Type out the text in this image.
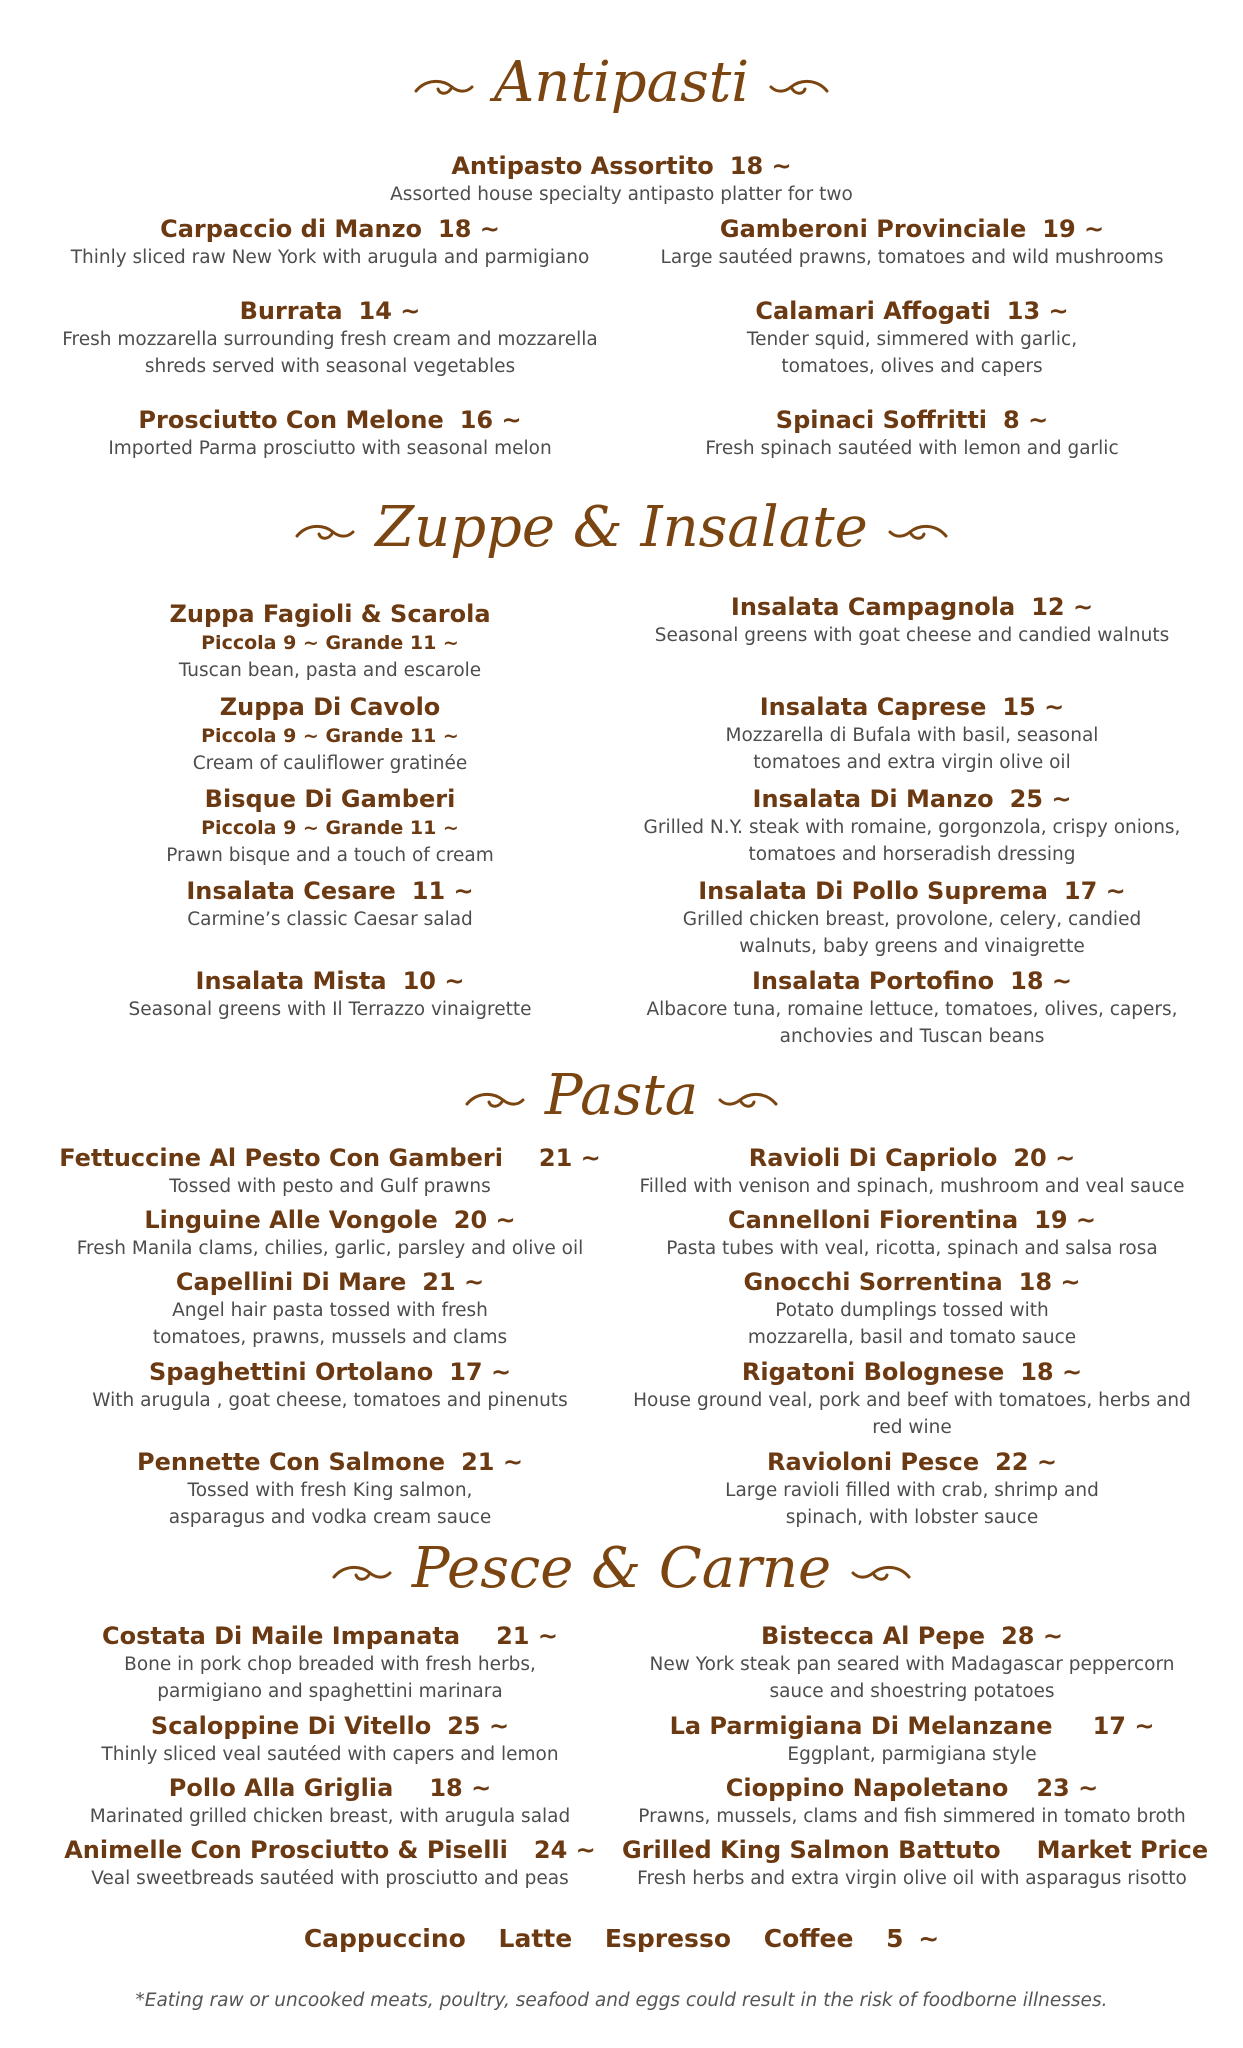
Antipasti
Antipasto Assortito 18 ~
Assorted house specialty antipasto platter for two
Carpaccio di Manzo 18 ~
Thinly sliced raw New York with arugula and parmigiano
Gamberoni Provinciale 19 ~
Large sautéed prawns, tomatoes and wild mushrooms
Burrata 14 ~
Fresh mozzarella surrounding fresh cream and mozzarella shreds served with seasonal vegetables
Calamari Affogati 13 ~
Tender squid, simmered with garlic, tomatoes, olives and capers
Prosciutto Con Melone 16 ~
Imported Parma prosciutto with seasonal melon
Spinaci Soffritti 8 ~
Fresh spinach sautéed with lemon and garlic
Zuppe & Insalate
Zuppa Fagioli & Scarola
Piccola 9 ~ Grande 11 ~
Tuscan bean, pasta and escarole
Insalata Campagnola 12 ~
Seasonal greens with goat cheese and candied walnuts
Zuppa Di Cavolo
Piccola 9 ~ Grande 11 ~
Cream of cauliflower gratinée
Insalata Caprese 15 ~
Mozzarella di Bufala with basil, seasonal tomatoes and extra virgin olive oil
Bisque Di Gamberi
Piccola 9 ~ Grande 11 ~
Prawn bisque and a touch of cream
Insalata Di Manzo 25 ~
Grilled N.Y. steak with romaine, gorgonzola, crispy onions, tomatoes and horseradish dressing
Insalata Cesare 11 ~
Carmine’s classic Caesar salad
Insalata Di Pollo Suprema 17 ~
Grilled chicken breast, provolone, celery, candied walnuts, baby greens and vinaigrette
Insalata Mista 10 ~
Seasonal greens with Il Terrazzo vinaigrette
Insalata Portofino 18 ~
Albacore tuna, romaine lettuce, tomatoes, olives, capers, anchovies and Tuscan beans
Pasta
Fettuccine Al Pesto Con Gamberi 21 ~
Tossed with pesto and Gulf prawns
Ravioli Di Capriolo 20 ~
Filled with venison and spinach, mushroom and veal sauce
Linguine Alle Vongole 20 ~
Fresh Manila clams, chilies, garlic, parsley and olive oil
Cannelloni Fiorentina 19 ~
Pasta tubes with veal, ricotta, spinach and salsa rosa
Capellini Di Mare 21 ~
Angel hair pasta tossed with fresh tomatoes, prawns, mussels and clams
Gnocchi Sorrentina 18 ~
Potato dumplings tossed with mozzarella, basil and tomato sauce
Spaghettini Ortolano 17 ~
With arugula , goat cheese, tomatoes and pinenuts
Rigatoni Bolognese 18 ~
House ground veal, pork and beef with tomatoes, herbs and red wine
Pennette Con Salmone 21 ~
Tossed with fresh King salmon, asparagus and vodka cream sauce
Ravioloni Pesce 22 ~
Large ravioli filled with crab, shrimp and spinach, with lobster sauce
Pesce & Carne
Costata Di Maile Impanata 21 ~
Bone in pork chop breaded with fresh herbs, parmigiano and spaghettini marinara
Bistecca Al Pepe 28 ~
New York steak pan seared with Madagascar peppercorn sauce and shoestring potatoes
Scaloppine Di Vitello 25 ~
Thinly sliced veal sautéed with capers and lemon
La Parmigiana Di Melanzane 17 ~
Eggplant, parmigiana style
Pollo Alla Griglia 18 ~
Marinated grilled chicken breast, with arugula salad
Cioppino Napoletano 23 ~
Prawns, mussels, clams and fish simmered in tomato broth
Animelle Con Prosciutto & Piselli 24 ~
Veal sweetbreads sautéed with prosciutto and peas
Grilled King Salmon Battuto Market Price
Fresh herbs and extra virgin olive oil with asparagus risotto
Cappuccino Latte Espresso Coffee 5 ~
*Eating raw or uncooked meats, poultry, seafood and eggs could result in the risk of foodborne illnesses.
